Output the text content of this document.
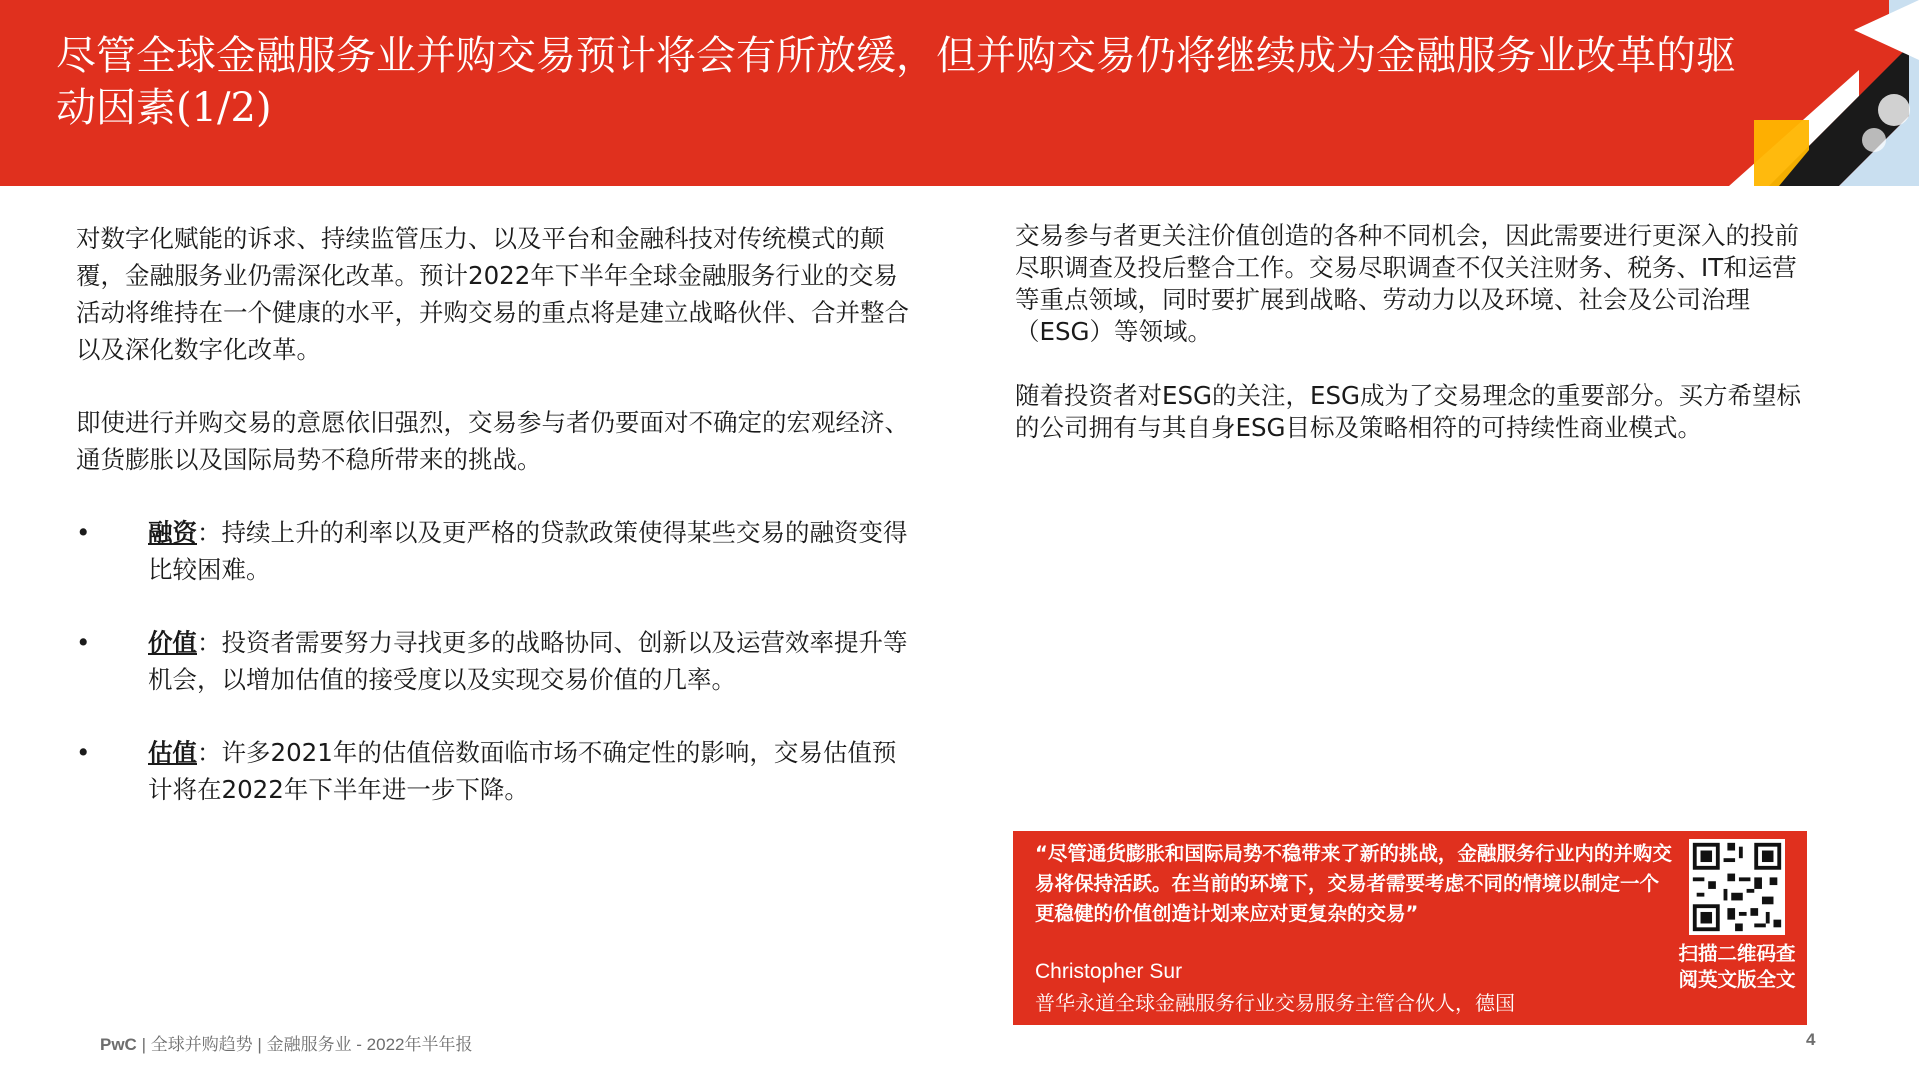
尽管全球金融服务业并购交易预计将会有所放缓，但并购交易仍将继续成为金融服务业改革的驱动因素(1/2)

对数字化赋能的诉求、持续监管压力、以及平台和金融科技对传统模式的颠覆，金融服务业仍需深化改革。预计2022年下半年全球金融服务行业的交易活动将维持在一个健康的水平，并购交易的重点将是建立战略伙伴、合并整合以及深化数字化改革。

即使进行并购交易的意愿依旧强烈，交易参与者仍要面对不确定的宏观经济、通货膨胀以及国际局势不稳所带来的挑战。

• 融资：持续上升的利率以及更严格的贷款政策使得某些交易的融资变得比较困难。

• 价值：投资者需要努力寻找更多的战略协同、创新以及运营效率提升等机会，以增加估值的接受度以及实现交易价值的几率。

• 估值：许多2021年的估值倍数面临市场不确定性的影响，交易估值预计将在2022年下半年进一步下降。

交易参与者更关注价值创造的各种不同机会，因此需要进行更深入的投前尽职调查及投后整合工作。交易尽职调查不仅关注财务、税务、IT和运营等重点领域，同时要扩展到战略、劳动力以及环境、社会及公司治理（ESG）等领域。

随着投资者对ESG的关注，ESG成为了交易理念的重要部分。买方希望标的公司拥有与其自身ESG目标及策略相符的可持续性商业模式。

“尽管通货膨胀和国际局势不稳带来了新的挑战，金融服务行业内的并购交易将保持活跃。在当前的环境下，交易者需要考虑不同的情境以制定一个更稳健的价值创造计划来应对更复杂的交易”
Christopher Sur
普华永道全球金融服务行业交易服务主管合伙人，德国
扫描二维码查阅英文版全文
PwC | 全球并购趋势 | 金融服务业 - 2022年半年报	4
